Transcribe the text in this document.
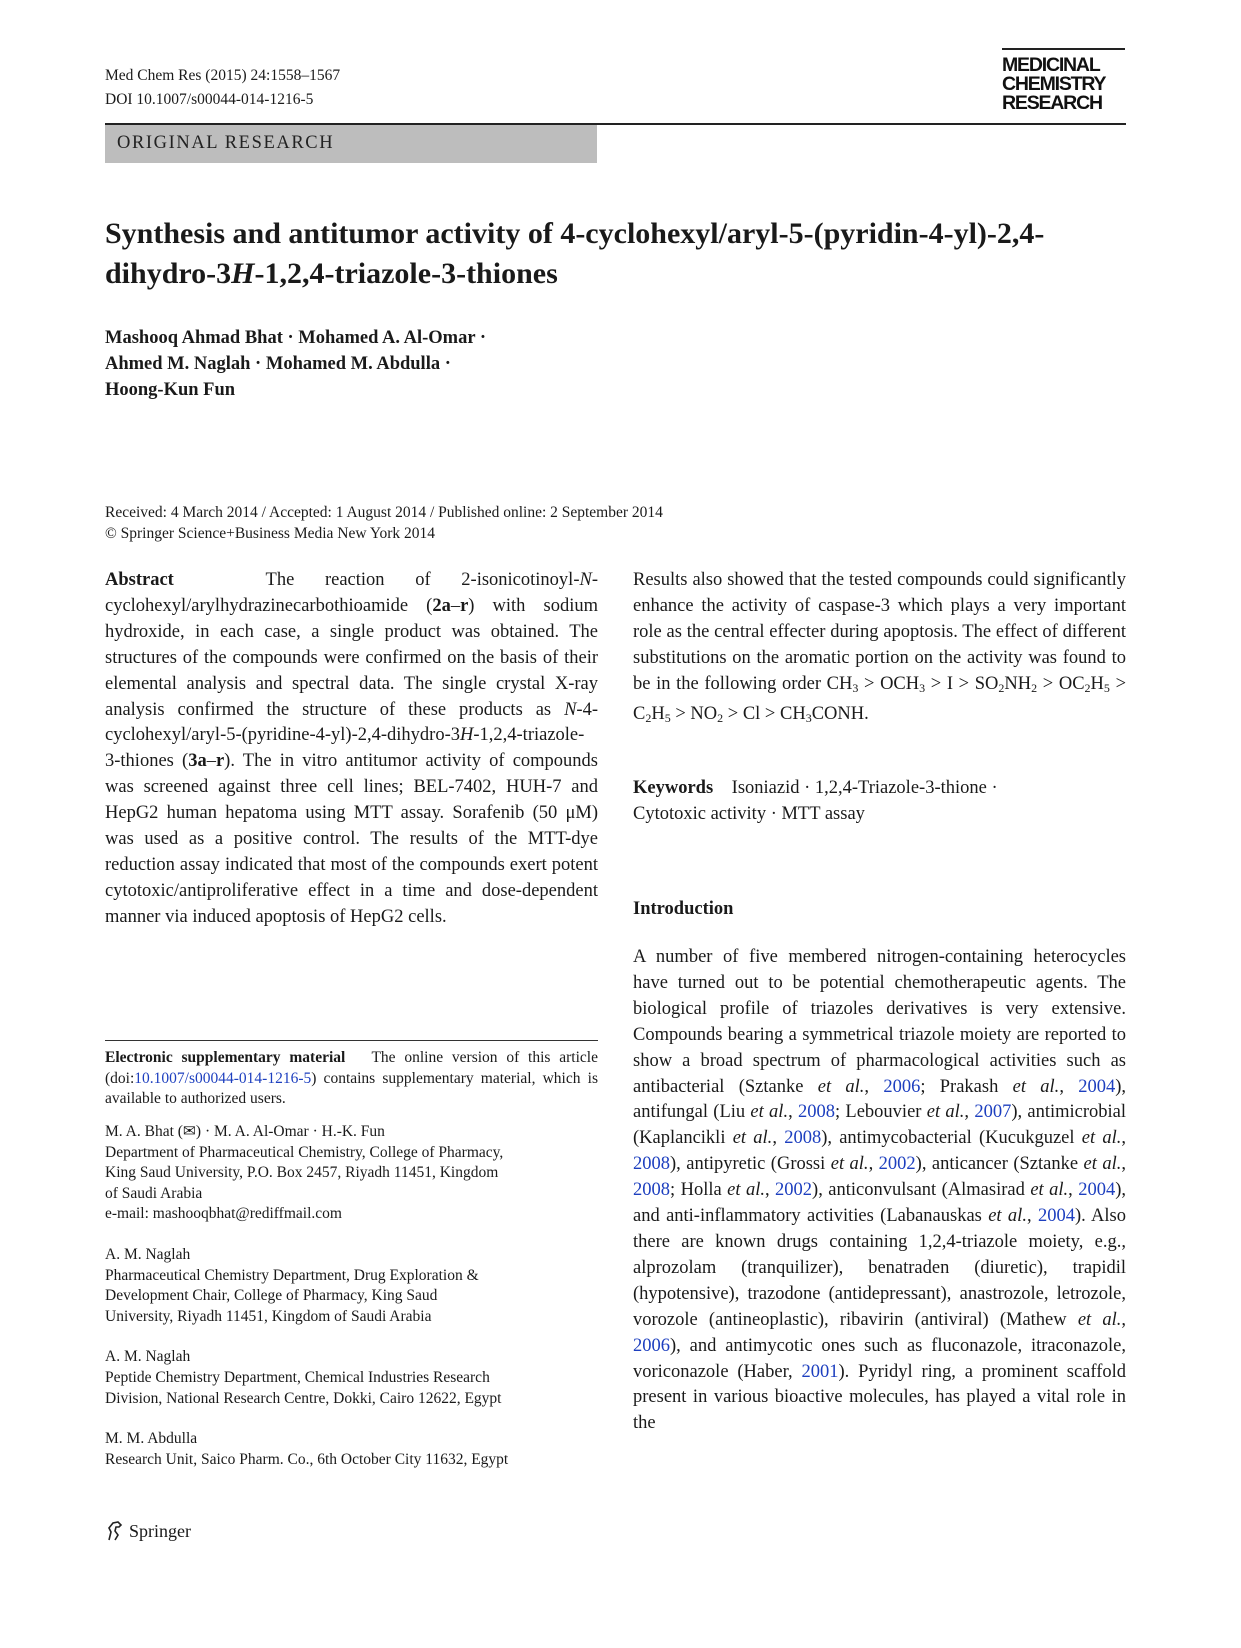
Med Chem Res (2015) 24:1558–1567
DOI 10.1007/s00044-014-1216-5
MEDICINAL
CHEMISTRY
RESEARCH
ORIGINAL RESEARCH
Synthesis and antitumor activity of 4-cyclohexyl/aryl-5-(pyridin-4-yl)-2,4-dihydro-3H-1,2,4-triazole-3-thiones
Mashooq Ahmad Bhat · Mohamed A. Al-Omar ·
Ahmed M. Naglah · Mohamed M. Abdulla ·
Hoong-Kun Fun
Received: 4 March 2014 / Accepted: 1 August 2014 / Published online: 2 September 2014
© Springer Science+Business Media New York 2014
Abstract	The reaction of 2-isonicotinoyl-N-cyclohexyl/arylhydrazinecarbothioamide (2a–r) with sodium hydroxide, in each case, a single product was obtained. The structures of the compounds were confirmed on the basis of their elemental analysis and spectral data. The single crystal X-ray analysis confirmed the structure of these products as N-4-cyclohexyl/aryl-5-(pyridine-4-yl)-2,4-dihydro-3H-1,2,4-triazole-3-thiones (3a–r). The in vitro antitumor activity of compounds was screened against three cell lines; BEL-7402, HUH-7 and HepG2 human hepatoma using MTT assay. Sorafenib (50 μM) was used as a positive control. The results of the MTT-dye reduction assay indicated that most of the compounds exert potent cytotoxic/antiproliferative effect in a time and dose-dependent manner via induced apoptosis of HepG2 cells.
Results also showed that the tested compounds could significantly enhance the activity of caspase-3 which plays a very important role as the central effecter during apoptosis. The effect of different substitutions on the aromatic portion on the activity was found to be in the following order $CH_3 > OCH_3 > I > SO_2NH_2 > OC_2H_5 > C_2H_5 > NO_2 > Cl$ > $CH_3CONH$.
Keywords Isoniazid · 1,2,4-Triazole-3-thione ·
Cytotoxic activity · MTT assay
Introduction
A number of five membered nitrogen-containing heterocycles have turned out to be potential chemotherapeutic agents. The biological profile of triazoles derivatives is very extensive. Compounds bearing a symmetrical triazole moiety are reported to show a broad spectrum of pharmacological activities such as antibacterial (Sztanke et al., 2006; Prakash et al., 2004), antifungal (Liu et al., 2008; Lebouvier et al., 2007), antimicrobial (Kaplancikli et al., 2008), antimycobacterial (Kucukguzel et al., 2008), antipyretic (Grossi et al., 2002), anticancer (Sztanke et al., 2008; Holla et al., 2002), anticonvulsant (Almasirad et al., 2004), and anti-inflammatory activities (Labanauskas et al., 2004). Also there are known drugs containing 1,2,4-triazole moiety, e.g., alprozolam (tranquilizer), benatraden (diuretic), trapidil (hypotensive), trazodone (antidepressant), anastrozole, letrozole, vorozole (antineoplastic), ribavirin (antiviral) (Mathew et al., 2006), and antimycotic ones such as fluconazole, itraconazole, voriconazole (Haber, 2001). Pyridyl ring, a prominent scaffold present in various bioactive molecules, has played a vital role in the
Electronic supplementary material The online version of this article (doi:10.1007/s00044-014-1216-5) contains supplementary material, which is available to authorized users.
M. A. Bhat (✉) · M. A. Al-Omar · H.-K. Fun
Department of Pharmaceutical Chemistry, College of Pharmacy,
King Saud University, P.O. Box 2457, Riyadh 11451, Kingdom
of Saudi Arabia
e-mail: mashooqbhat@rediffmail.com
A. M. Naglah
Pharmaceutical Chemistry Department, Drug Exploration &
Development Chair, College of Pharmacy, King Saud
University, Riyadh 11451, Kingdom of Saudi Arabia
A. M. Naglah
Peptide Chemistry Department, Chemical Industries Research
Division, National Research Centre, Dokki, Cairo 12622, Egypt
M. M. Abdulla
Research Unit, Saico Pharm. Co., 6th October City 11632, Egypt
Springer
